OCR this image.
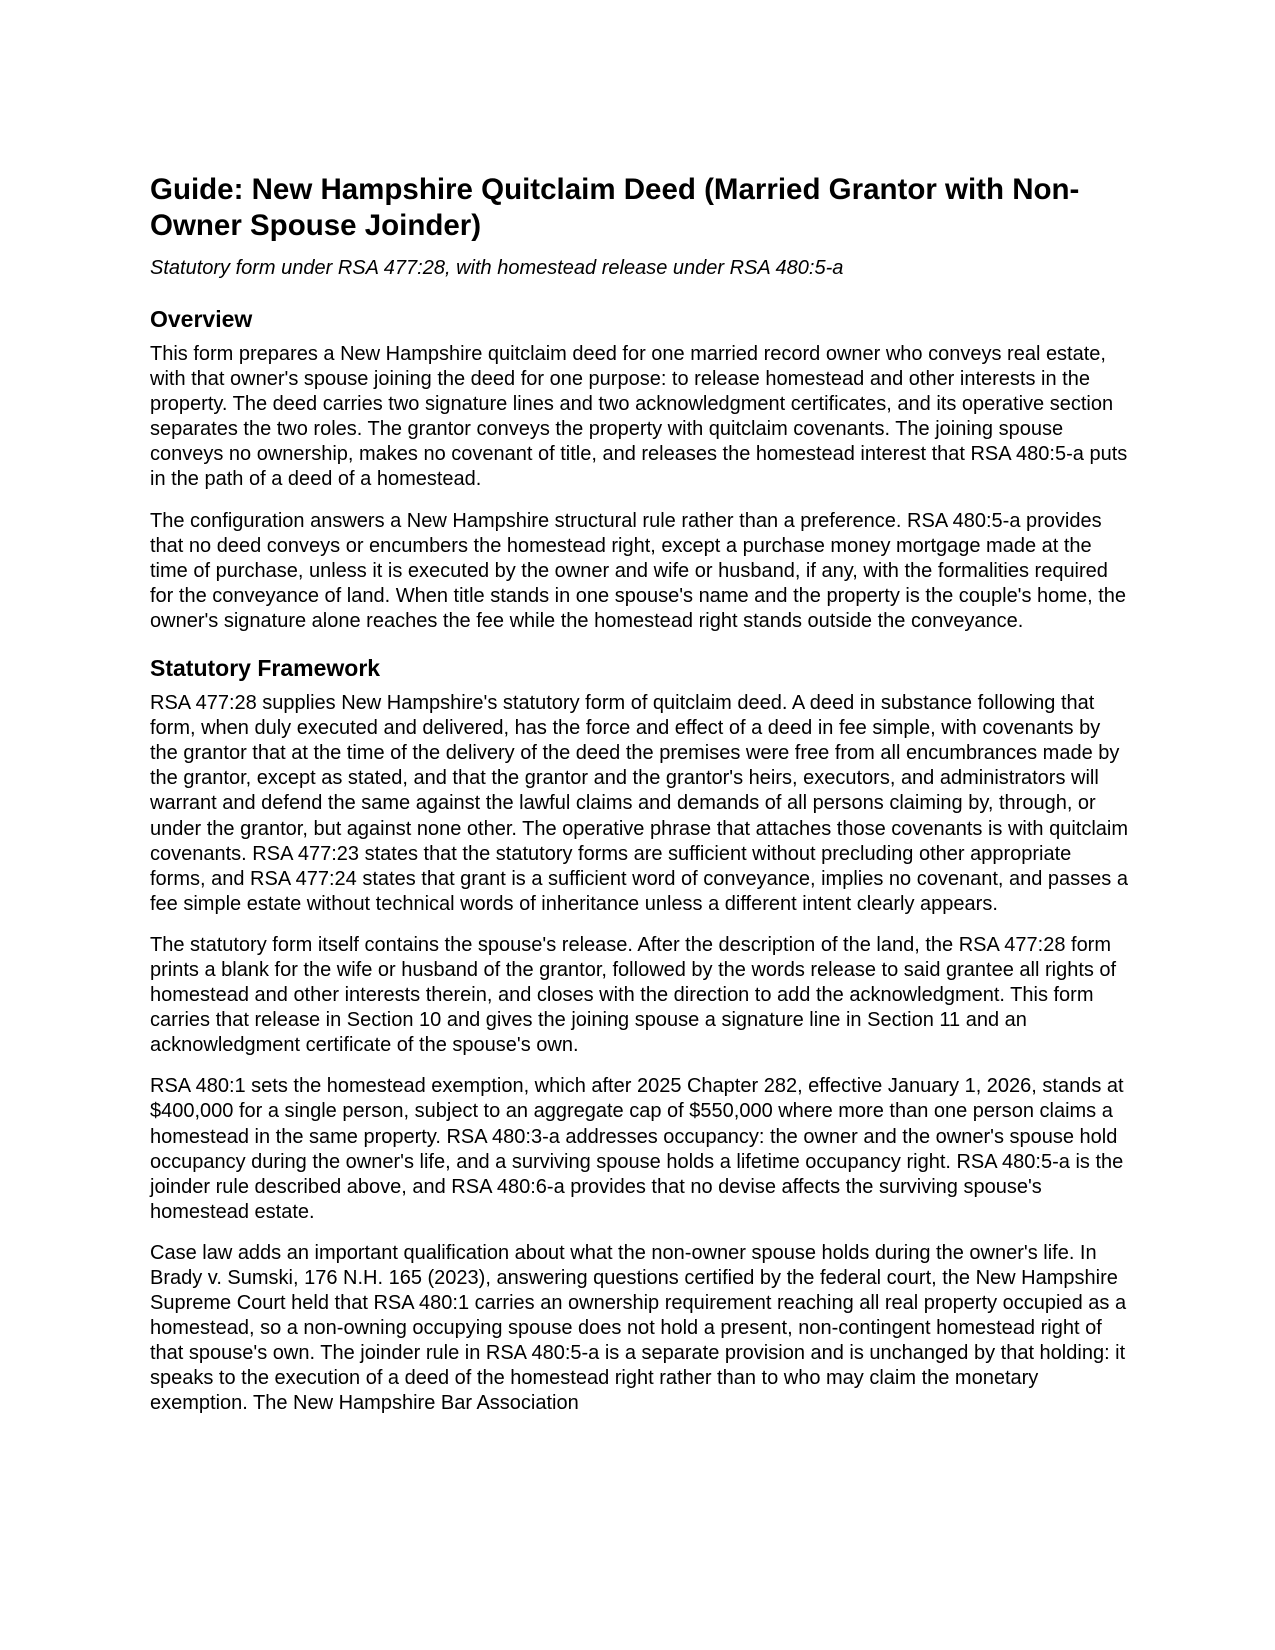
Guide: New Hampshire Quitclaim Deed (Married Grantor with Non-Owner Spouse Joinder)

Statutory form under RSA 477:28, with homestead release under RSA 480:5-a

Overview

This form prepares a New Hampshire quitclaim deed for one married record owner who conveys real estate, with that owner's spouse joining the deed for one purpose: to release homestead and other interests in the property. The deed carries two signature lines and two acknowledgment certificates, and its operative section separates the two roles. The grantor conveys the property with quitclaim covenants. The joining spouse conveys no ownership, makes no covenant of title, and releases the homestead interest that RSA 480:5-a puts in the path of a deed of a homestead.

The configuration answers a New Hampshire structural rule rather than a preference. RSA 480:5-a provides that no deed conveys or encumbers the homestead right, except a purchase money mortgage made at the time of purchase, unless it is executed by the owner and wife or husband, if any, with the formalities required for the conveyance of land. When title stands in one spouse's name and the property is the couple's home, the owner's signature alone reaches the fee while the homestead right stands outside the conveyance.

Statutory Framework

RSA 477:28 supplies New Hampshire's statutory form of quitclaim deed. A deed in substance following that form, when duly executed and delivered, has the force and effect of a deed in fee simple, with covenants by the grantor that at the time of the delivery of the deed the premises were free from all encumbrances made by the grantor, except as stated, and that the grantor and the grantor's heirs, executors, and administrators will warrant and defend the same against the lawful claims and demands of all persons claiming by, through, or under the grantor, but against none other. The operative phrase that attaches those covenants is with quitclaim covenants. RSA 477:23 states that the statutory forms are sufficient without precluding other appropriate forms, and RSA 477:24 states that grant is a sufficient word of conveyance, implies no covenant, and passes a fee simple estate without technical words of inheritance unless a different intent clearly appears.

The statutory form itself contains the spouse's release. After the description of the land, the RSA 477:28 form prints a blank for the wife or husband of the grantor, followed by the words release to said grantee all rights of homestead and other interests therein, and closes with the direction to add the acknowledgment. This form carries that release in Section 10 and gives the joining spouse a signature line in Section 11 and an acknowledgment certificate of the spouse's own.

RSA 480:1 sets the homestead exemption, which after 2025 Chapter 282, effective January 1, 2026, stands at $400,000 for a single person, subject to an aggregate cap of $550,000 where more than one person claims a homestead in the same property. RSA 480:3-a addresses occupancy: the owner and the owner's spouse hold occupancy during the owner's life, and a surviving spouse holds a lifetime occupancy right. RSA 480:5-a is the joinder rule described above, and RSA 480:6-a provides that no devise affects the surviving spouse's homestead estate.

Case law adds an important qualification about what the non-owner spouse holds during the owner's life. In Brady v. Sumski, 176 N.H. 165 (2023), answering questions certified by the federal court, the New Hampshire Supreme Court held that RSA 480:1 carries an ownership requirement reaching all real property occupied as a homestead, so a non-owning occupying spouse does not hold a present, non-contingent homestead right of that spouse's own. The joinder rule in RSA 480:5-a is a separate provision and is unchanged by that holding: it speaks to the execution of a deed of the homestead right rather than to who may claim the monetary exemption. The New Hampshire Bar Association
